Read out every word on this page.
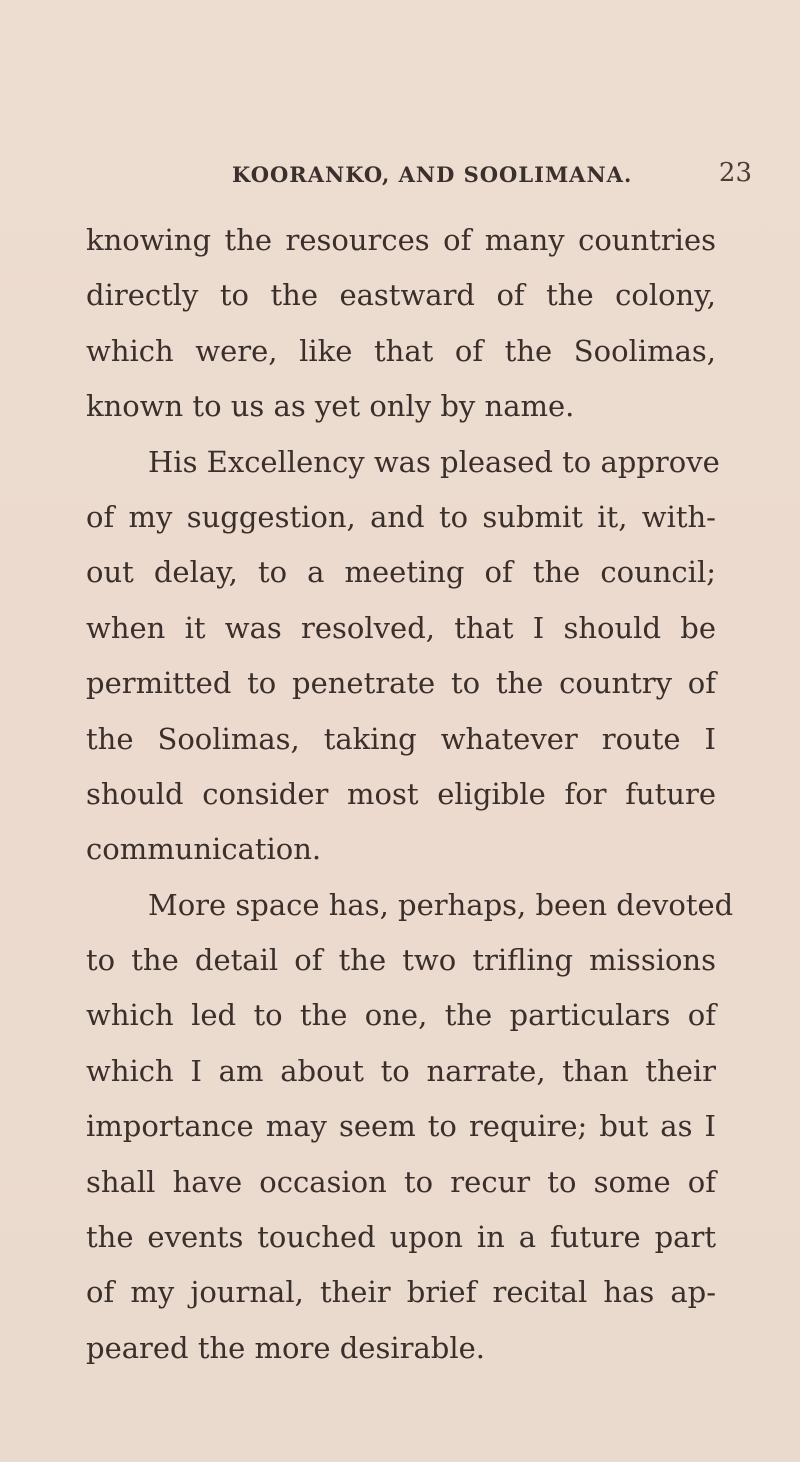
KOORANKO, AND SOOLIMANA.	23
knowing the resources of many countries
directly to the eastward of the colony,
which were, like that of the Soolimas,
known to us as yet only by name.
His Excellency was pleased to approve
of my suggestion, and to submit it, with-
out delay, to a meeting of the council;
when it was resolved, that I should be
permitted to penetrate to the country of
the Soolimas, taking whatever route I
should consider most eligible for future
communication.
More space has, perhaps, been devoted
to the detail of the two trifling missions
which led to the one, the particulars of
which I am about to narrate, than their
importance may seem to require; but as I
shall have occasion to recur to some of
the events touched upon in a future part
of my journal, their brief recital has ap-
peared the more desirable.
